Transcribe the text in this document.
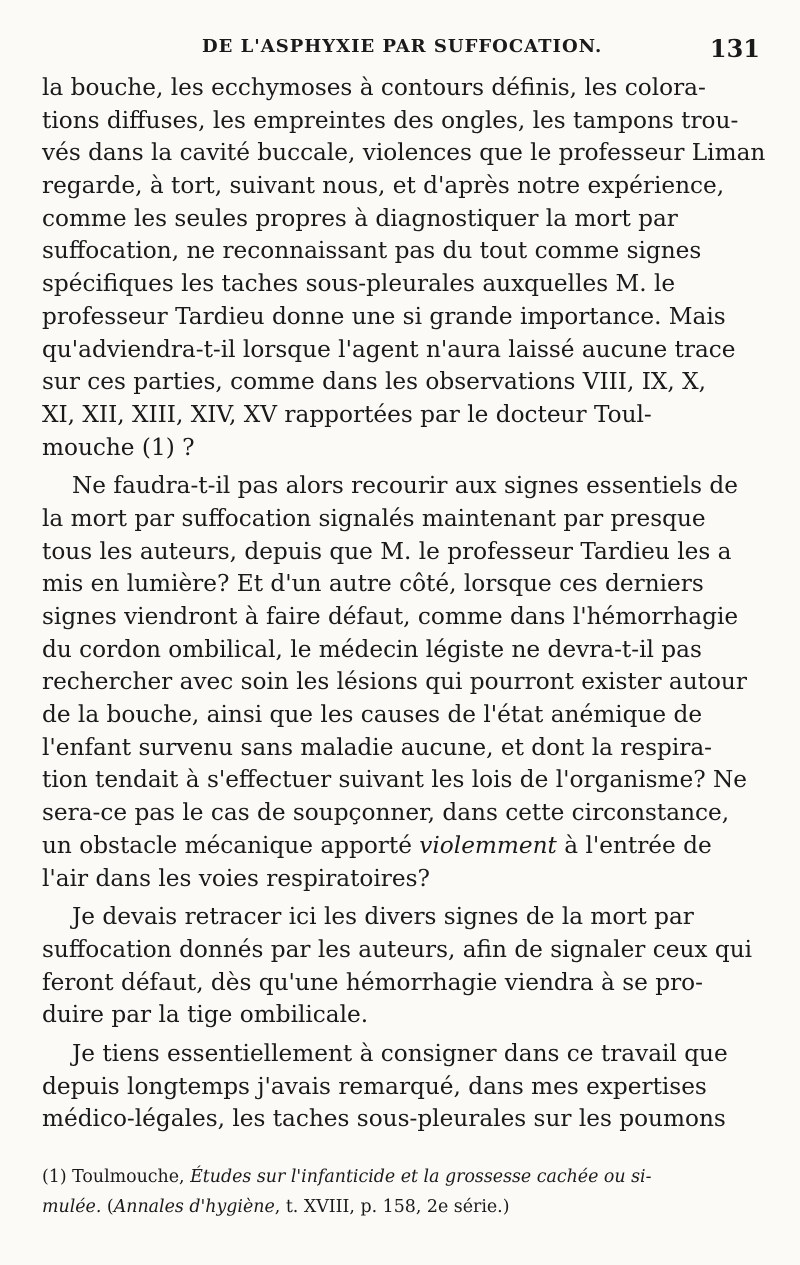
DE L'ASPHYXIE PAR SUFFOCATION.	131
la bouche, les ecchymoses à contours définis, les colora-
tions diffuses, les empreintes des ongles, les tampons trou-
vés dans la cavité buccale, violences que le professeur Liman
regarde, à tort, suivant nous, et d'après notre expérience,
comme les seules propres à diagnostiquer la mort par
suffocation, ne reconnaissant pas du tout comme signes
spécifiques les taches sous-pleurales auxquelles M. le
professeur Tardieu donne une si grande importance. Mais
qu'adviendra-t-il lorsque l'agent n'aura laissé aucune trace
sur ces parties, comme dans les observations VIII, IX, X,
XI, XII, XIII, XIV, XV rapportées par le docteur Toul-
mouche (1) ?
Ne faudra-t-il pas alors recourir aux signes essentiels de
la mort par suffocation signalés maintenant par presque
tous les auteurs, depuis que M. le professeur Tardieu les a
mis en lumière? Et d'un autre côté, lorsque ces derniers
signes viendront à faire défaut, comme dans l'hémorrhagie
du cordon ombilical, le médecin légiste ne devra-t-il pas
rechercher avec soin les lésions qui pourront exister autour
de la bouche, ainsi que les causes de l'état anémique de
l'enfant survenu sans maladie aucune, et dont la respira-
tion tendait à s'effectuer suivant les lois de l'organisme? Ne
sera-ce pas le cas de soupçonner, dans cette circonstance,
un obstacle mécanique apporté violemment à l'entrée de
l'air dans les voies respiratoires?
Je devais retracer ici les divers signes de la mort par
suffocation donnés par les auteurs, afin de signaler ceux qui
feront défaut, dès qu'une hémorrhagie viendra à se pro-
duire par la tige ombilicale.
Je tiens essentiellement à consigner dans ce travail que
depuis longtemps j'avais remarqué, dans mes expertises
médico-légales, les taches sous-pleurales sur les poumons
(1) Toulmouche, Études sur l'infanticide et la grossesse cachée ou si-
mulée. (Annales d'hygiène, t. XVIII, p. 158, 2e série.)
